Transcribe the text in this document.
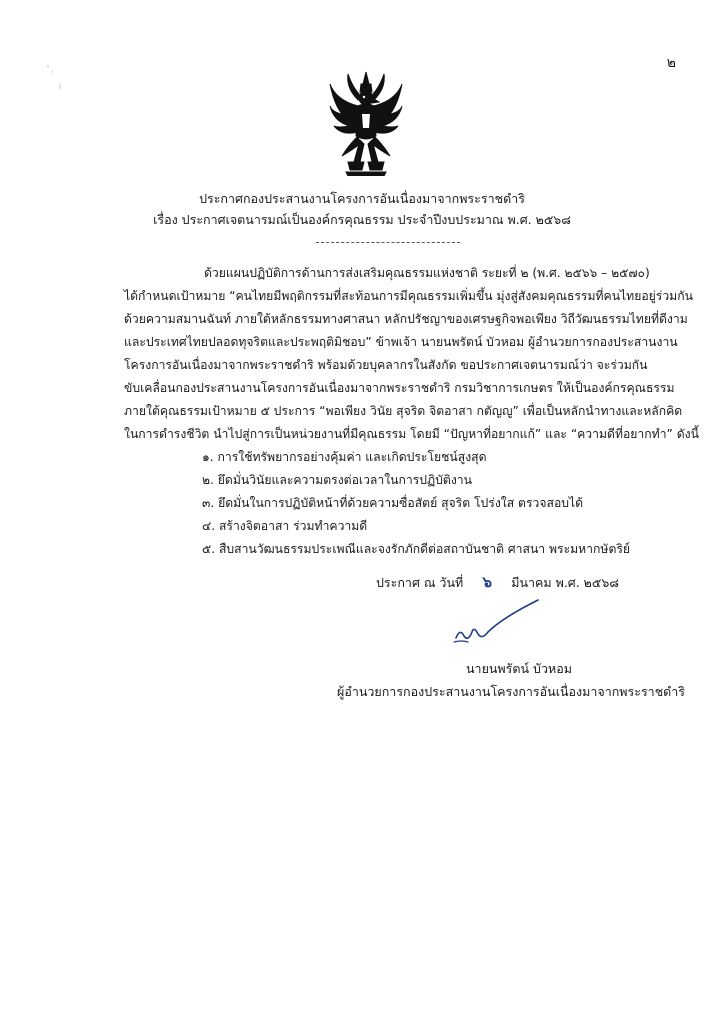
๒
ประกาศกองประสานงานโครงการอันเนื่องมาจากพระราชดำริ
เรื่อง ประกาศเจตนารมณ์เป็นองค์กรคุณธรรม ประจำปีงบประมาณ พ.ศ. ๒๕๖๘
ด้วยแผนปฏิบัติการด้านการส่งเสริมคุณธรรมแห่งชาติ ระยะที่ ๒ (พ.ศ. ๒๕๖๖ – ๒๕๗๐)
ได้กำหนดเป้าหมาย “คนไทยมีพฤติกรรมที่สะท้อนการมีคุณธรรมเพิ่มขึ้น มุ่งสู่สังคมคุณธรรมที่คนไทยอยู่ร่วมกัน
ด้วยความสมานฉันท์ ภายใต้หลักธรรมทางศาสนา หลักปรัชญาของเศรษฐกิจพอเพียง วิถีวัฒนธรรมไทยที่ดีงาม
และประเทศไทยปลอดทุจริตและประพฤติมิชอบ” ข้าพเจ้า นายนพรัตน์ บัวหอม ผู้อำนวยการกองประสานงาน
โครงการอันเนื่องมาจากพระราชดำริ พร้อมด้วยบุคลากรในสังกัด ขอประกาศเจตนารมณ์ว่า จะร่วมกัน
ขับเคลื่อนกองประสานงานโครงการอันเนื่องมาจากพระราชดำริ กรมวิชาการเกษตร ให้เป็นองค์กรคุณธรรม
ภายใต้คุณธรรมเป้าหมาย ๕ ประการ “พอเพียง วินัย สุจริต จิตอาสา กตัญญู” เพื่อเป็นหลักนำทางและหลักคิด
ในการดำรงชีวิต นำไปสู่การเป็นหน่วยงานที่มีคุณธรรม โดยมี “ปัญหาที่อยากแก้” และ “ความดีที่อยากทำ” ดังนี้
๑. การใช้ทรัพยากรอย่างคุ้มค่า และเกิดประโยชน์สูงสุด
๒. ยึดมั่นวินัยและความตรงต่อเวลาในการปฏิบัติงาน
๓. ยึดมั่นในการปฏิบัติหน้าที่ด้วยความซื่อสัตย์ สุจริต โปร่งใส ตรวจสอบได้
๔. สร้างจิตอาสา ร่วมทำความดี
๕. สืบสานวัฒนธรรมประเพณีและจงรักภักดีต่อสถาบันชาติ ศาสนา พระมหากษัตริย์
ประกาศ ณ วันที่ ๖ มีนาคม พ.ศ. ๒๕๖๘
นายนพรัตน์ บัวหอม
ผู้อำนวยการกองประสานงานโครงการอันเนื่องมาจากพระราชดำริ
